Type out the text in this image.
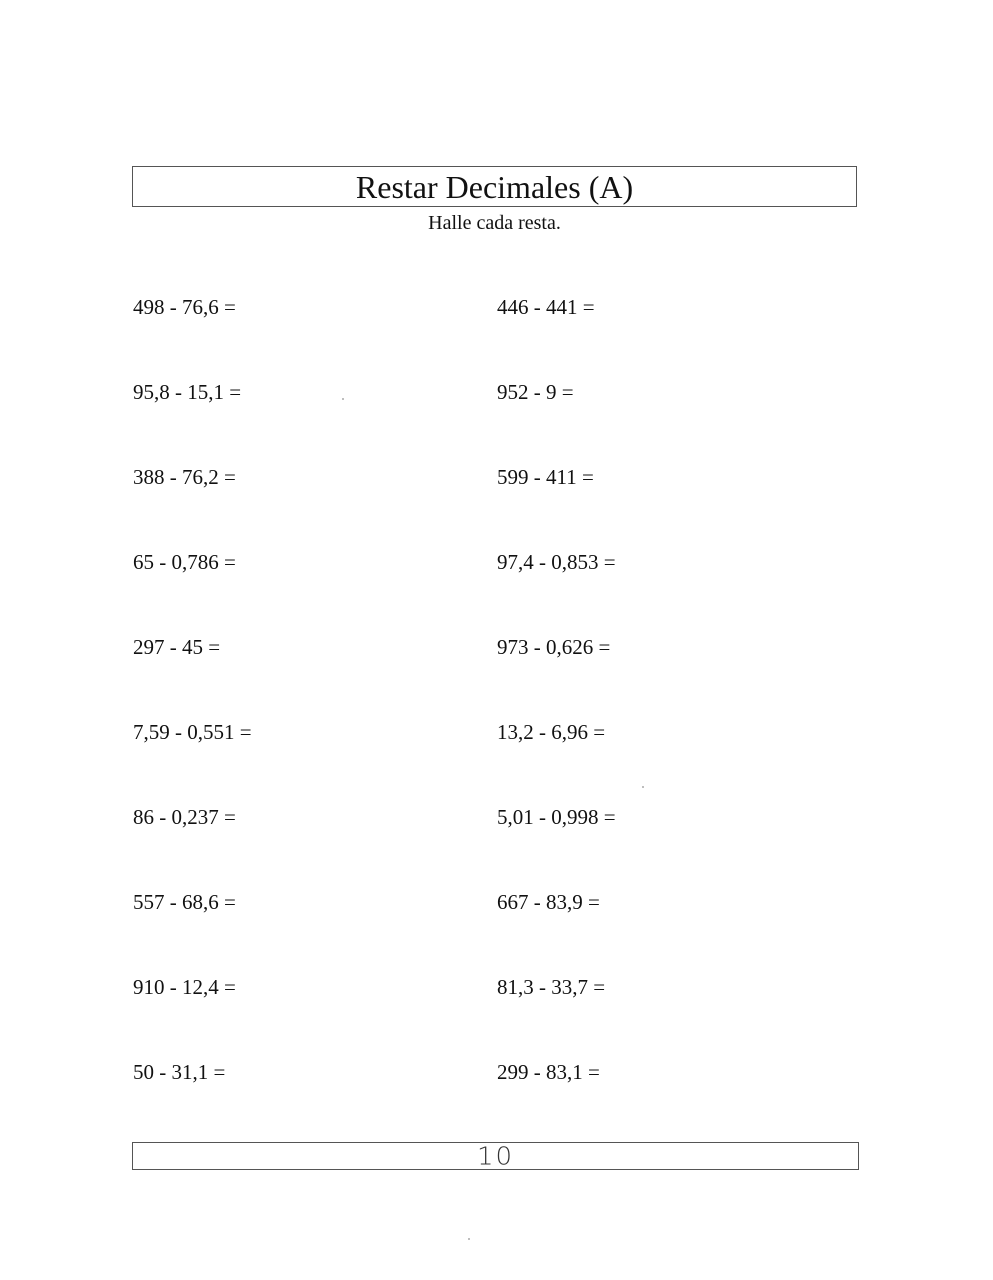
Restar Decimales (A)
Halle cada resta.
498 - 76,6 =
95,8 - 15,1 =
388 - 76,2 =
65 - 0,786 =
297 - 45 =
7,59 - 0,551 =
86 - 0,237 =
557 - 68,6 =
910 - 12,4 =
50 - 31,1 =
446 - 441 =
952 - 9 =
599 - 411 =
97,4 - 0,853 =
973 - 0,626 =
13,2 - 6,96 =
5,01 - 0,998 =
667 - 83,9 =
81,3 - 33,7 =
299 - 83,1 =
10
